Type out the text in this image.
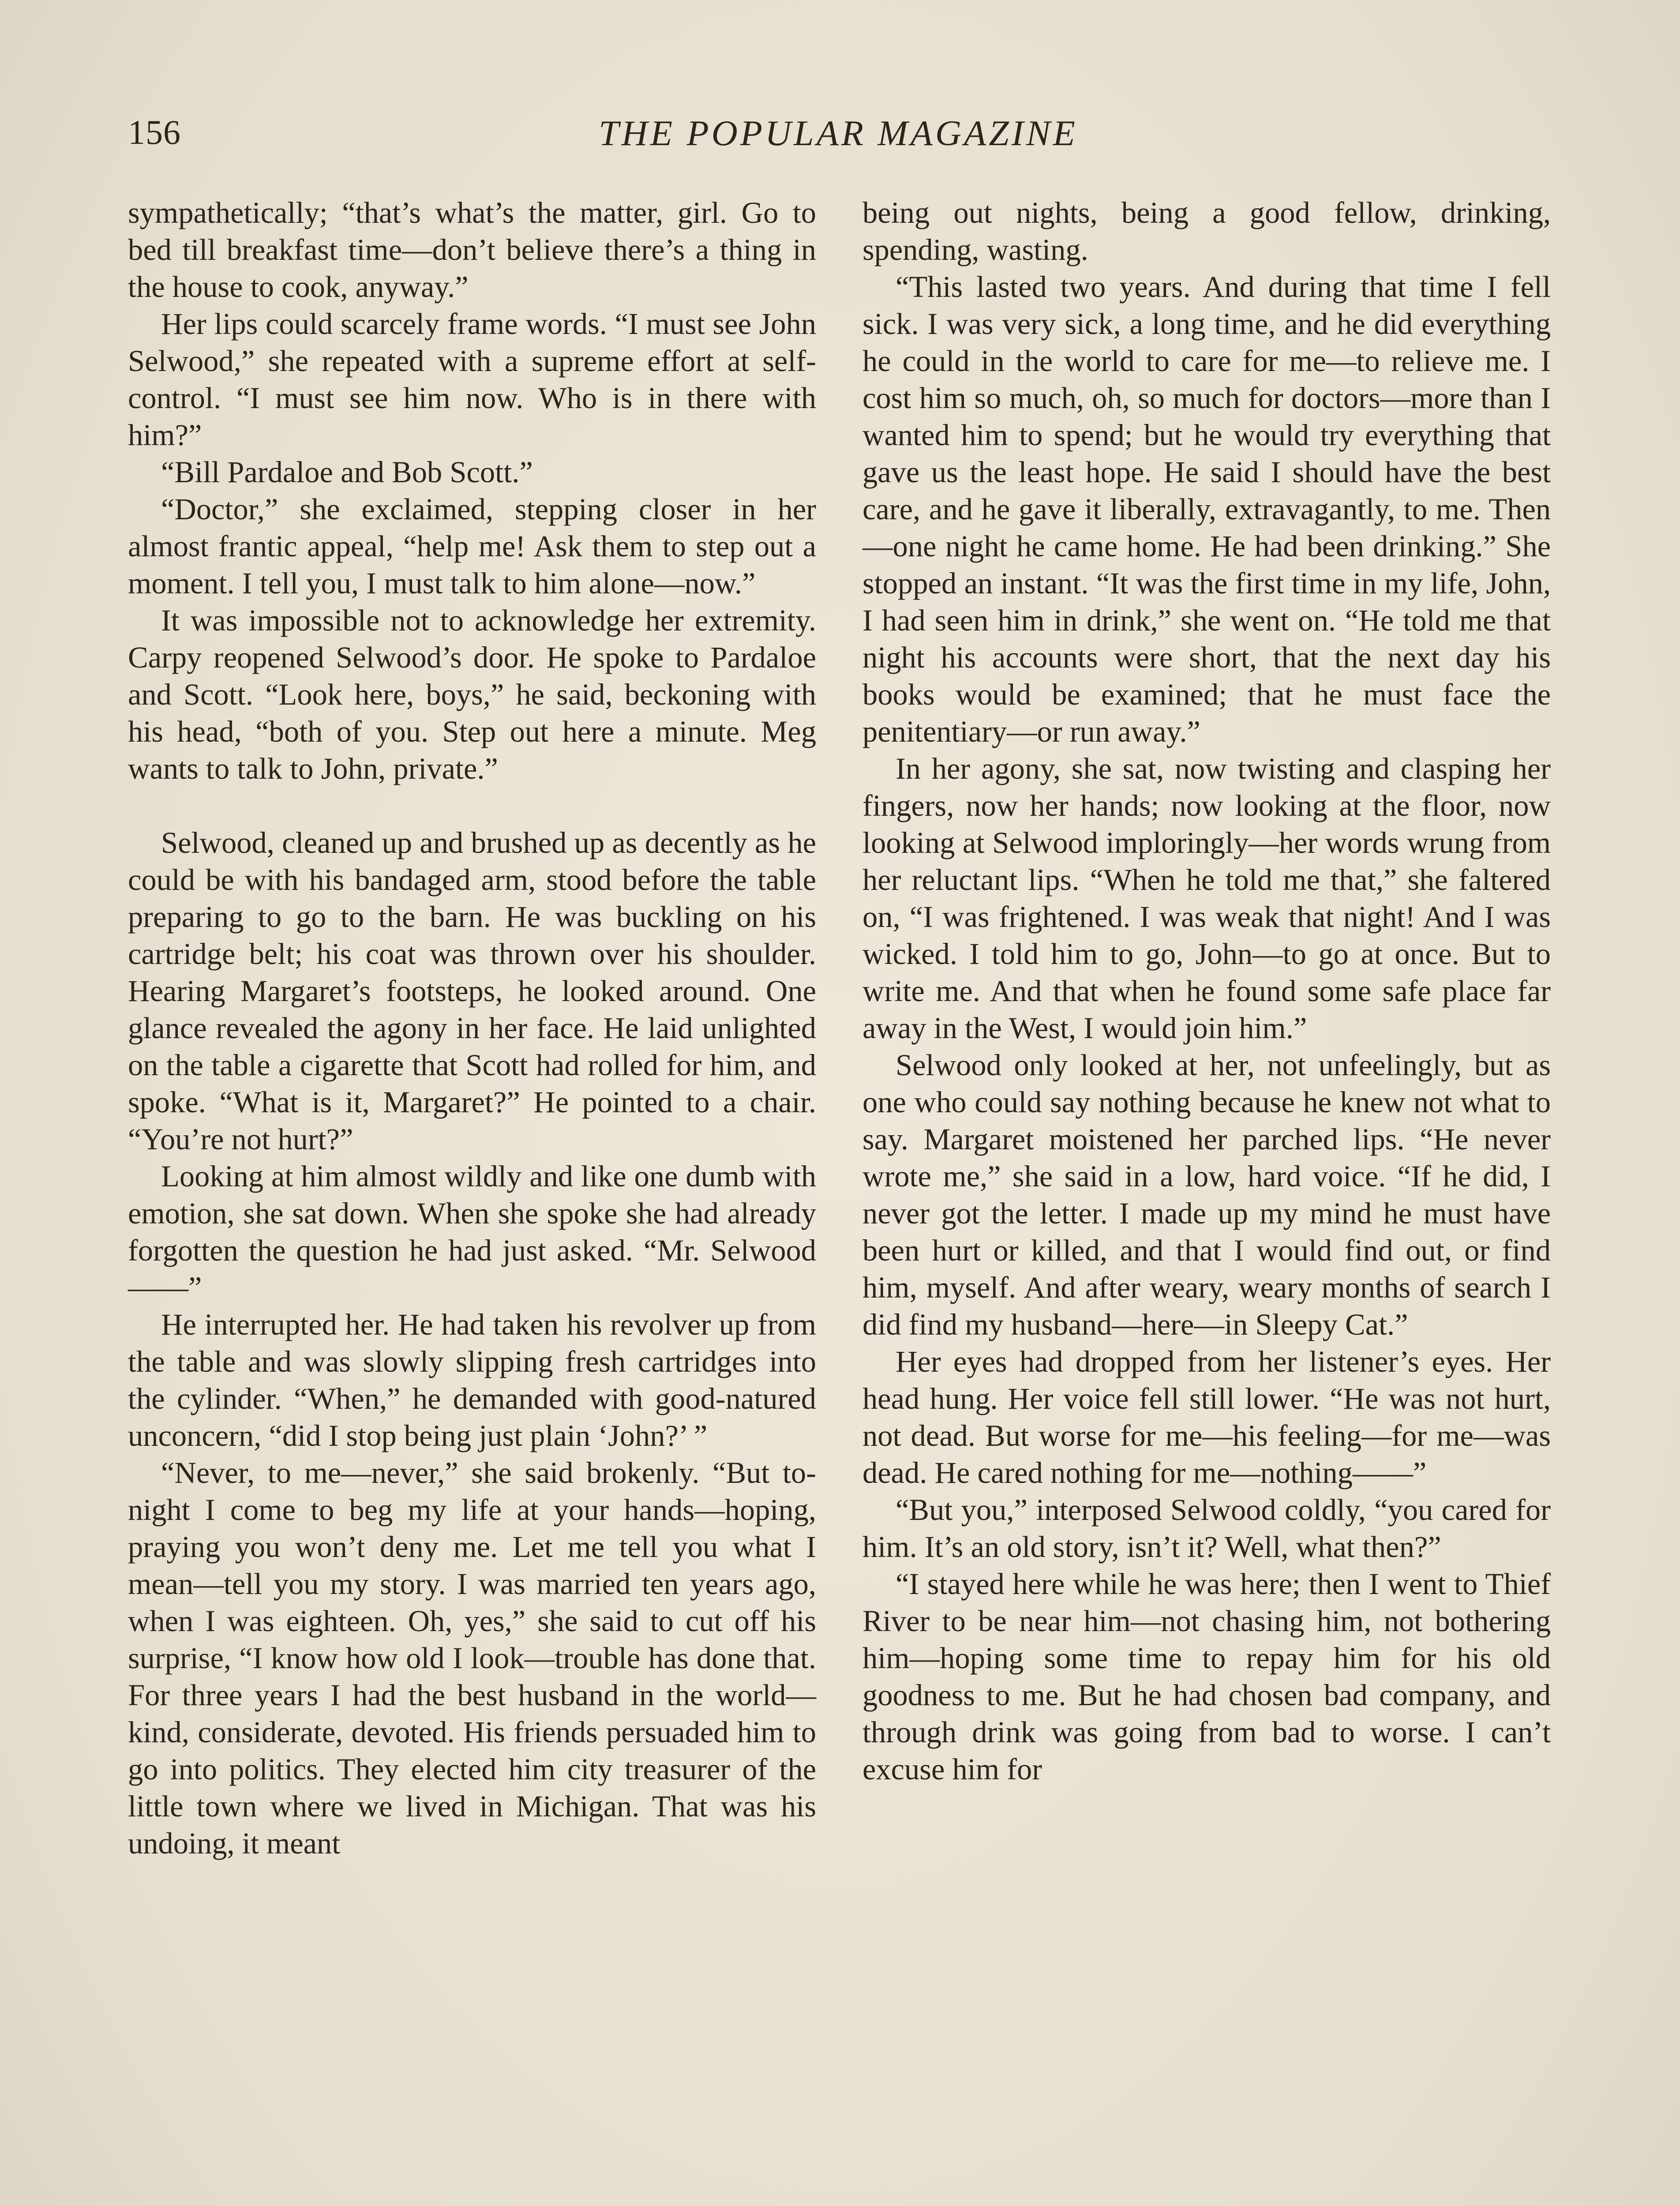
156	THE POPULAR MAGAZINE

sympathetically; “that’s what’s the matter, girl. Go to bed till breakfast time—don’t believe there’s a thing in the house to cook, anyway.”

Her lips could scarcely frame words. “I must see John Selwood,” she repeated with a supreme effort at self-control. “I must see him now. Who is in there with him?”

“Bill Pardaloe and Bob Scott.”

“Doctor,” she exclaimed, stepping closer in her almost frantic appeal, “help me! Ask them to step out a moment. I tell you, I must talk to him alone—now.”

It was impossible not to acknowledge her extremity. Carpy reopened Selwood’s door. He spoke to Pardaloe and Scott. “Look here, boys,” he said, beckoning with his head, “both of you. Step out here a minute. Meg wants to talk to John, private.”

Selwood, cleaned up and brushed up as decently as he could be with his bandaged arm, stood before the table preparing to go to the barn. He was buckling on his cartridge belt; his coat was thrown over his shoulder. Hearing Margaret’s footsteps, he looked around. One glance revealed the agony in her face. He laid unlighted on the table a cigarette that Scott had rolled for him, and spoke. “What is it, Margaret?” He pointed to a chair. “You’re not hurt?”

Looking at him almost wildly and like one dumb with emotion, she sat down. When she spoke she had already forgotten the question he had just asked. “Mr. Selwood——”

He interrupted her. He had taken his revolver up from the table and was slowly slipping fresh cartridges into the cylinder. “When,” he demanded with good-natured unconcern, “did I stop being just plain ‘John?’ ”

“Never, to me—never,” she said brokenly. “But to-night I come to beg my life at your hands—hoping, praying you won’t deny me. Let me tell you what I mean—tell you my story. I was married ten years ago, when I was eighteen. Oh, yes,” she said to cut off his surprise, “I know how old I look—trouble has done that. For three years I had the best husband in the world—kind, considerate, devoted. His friends persuaded him to go into politics. They elected him city treasurer of the little town where we lived in Michigan. That was his undoing, it meant

being out nights, being a good fellow, drinking, spending, wasting.

“This lasted two years. And during that time I fell sick. I was very sick, a long time, and he did everything he could in the world to care for me—to relieve me. I cost him so much, oh, so much for doctors—more than I wanted him to spend; but he would try everything that gave us the least hope. He said I should have the best care, and he gave it liberally, extravagantly, to me. Then—one night he came home. He had been drinking.” She stopped an instant. “It was the first time in my life, John, I had seen him in drink,” she went on. “He told me that night his accounts were short, that the next day his books would be examined; that he must face the penitentiary—or run away.”

In her agony, she sat, now twisting and clasping her fingers, now her hands; now looking at the floor, now looking at Selwood imploringly—her words wrung from her reluctant lips. “When he told me that,” she faltered on, “I was frightened. I was weak that night! And I was wicked. I told him to go, John—to go at once. But to write me. And that when he found some safe place far away in the West, I would join him.”

Selwood only looked at her, not unfeelingly, but as one who could say nothing because he knew not what to say. Margaret moistened her parched lips. “He never wrote me,” she said in a low, hard voice. “If he did, I never got the letter. I made up my mind he must have been hurt or killed, and that I would find out, or find him, myself. And after weary, weary months of search I did find my husband—here—in Sleepy Cat.”

Her eyes had dropped from her listener’s eyes. Her head hung. Her voice fell still lower. “He was not hurt, not dead. But worse for me—his feeling—for me—was dead. He cared nothing for me—nothing——”

“But you,” interposed Selwood coldly, “you cared for him. It’s an old story, isn’t it? Well, what then?”

“I stayed here while he was here; then I went to Thief River to be near him—not chasing him, not bothering him—hoping some time to repay him for his old goodness to me. But he had chosen bad company, and through drink was going from bad to worse. I can’t excuse him for
